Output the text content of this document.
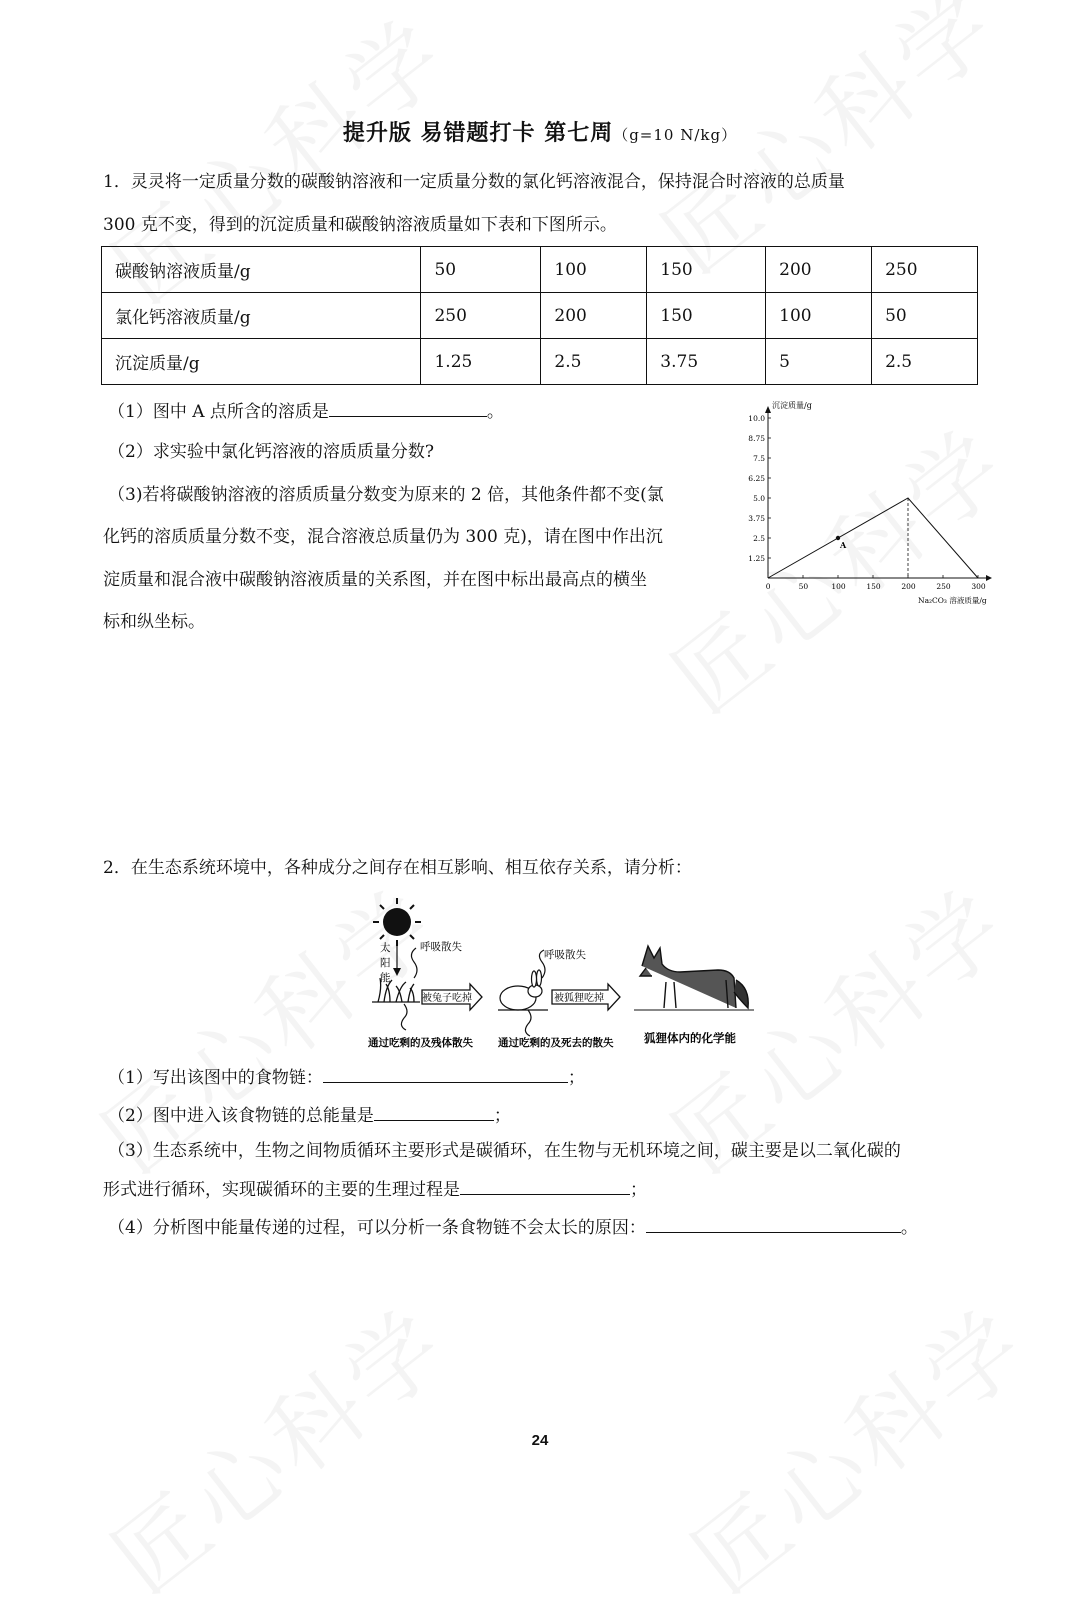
提升版 易错题打卡 第七周（g=10 N/kg）
1．灵灵将一定质量分数的碳酸钠溶液和一定质量分数的氯化钙溶液混合，保持混合时溶液的总质量
300 克不变，得到的沉淀质量和碳酸钠溶液质量如下表和下图所示。
碳酸钠溶液质量/g	50	100	150	200	250
氯化钙溶液质量/g	250	200	150	100	50
沉淀质量/g	1.25	2.5	3.75	5	2.5
（1）图中 A 点所含的溶质是	。
（2）求实验中氯化钙溶液的溶质质量分数?
（3)若将碳酸钠溶液的溶质质量分数变为原来的 2 倍，其他条件都不变(氯
化钙的溶质质量分数不变，混合溶液总质量仍为 300 克)，请在图中作出沉
淀质量和混合液中碳酸钠溶液质量的关系图，并在图中标出最高点的横坐
标和纵坐标。
沉淀质量/g
Na₂CO₃ 溶液质量/g
0	50	100	150	200	250	300
1.25
2.5
3.75
5.0
6.25
7.5
8.75
10.0
A
2．在生态系统环境中，各种成分之间存在相互影响、相互依存关系，请分析：
太
阳
能
呼吸散失
被兔子吃掉
呼吸散失
被狐狸吃掉
通过吃剩的及残体散失 通过吃剩的及死去的散失	狐狸体内的化学能
（1）写出该图中的食物链：	；
（2）图中进入该食物链的总能量是	；
（3）生态系统中，生物之间物质循环主要形式是碳循环，在生物与无机环境之间，碳主要是以二氧化碳的
形式进行循环，实现碳循环的主要的生理过程是	；
（4）分析图中能量传递的过程，可以分析一条食物链不会太长的原因：	。
24
